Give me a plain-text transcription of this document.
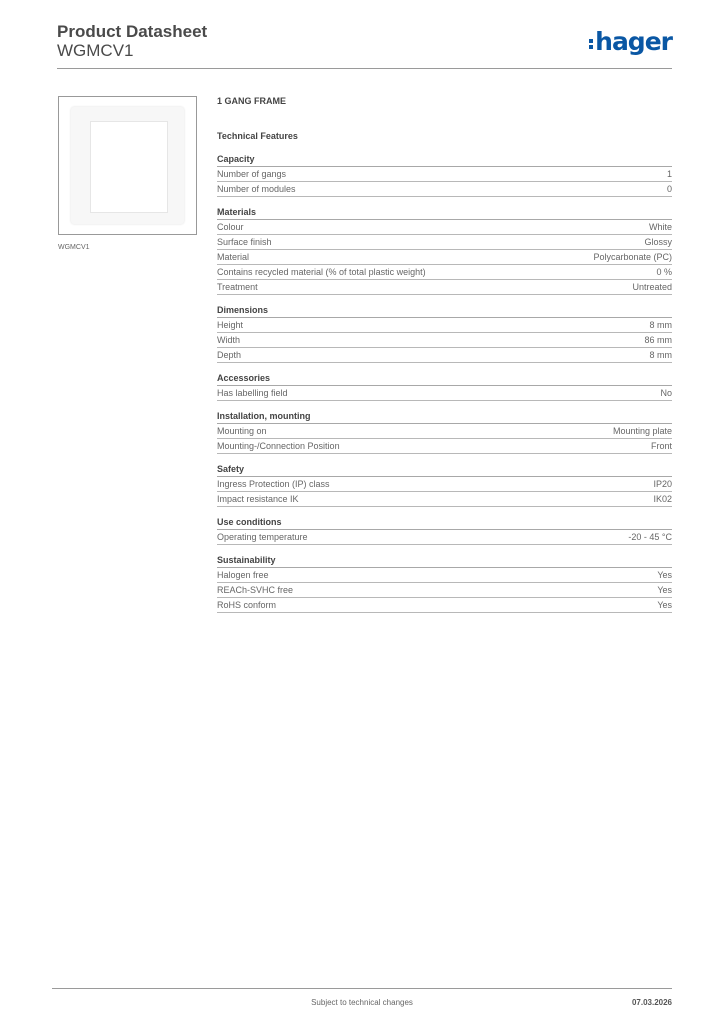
Product Datasheet
WGMCV1	hager
WGMCV1
1 GANG FRAME
Technical Features
Capacity
Number of gangs	1
Number of modules	0
Materials
Colour	White
Surface finish	Glossy
Material	Polycarbonate (PC)
Contains recycled material (% of total plastic weight)	0 %
Treatment	Untreated
Dimensions
Height	8 mm
Width	86 mm
Depth	8 mm
Accessories
Has labelling field	No
Installation, mounting
Mounting on	Mounting plate
Mounting-/Connection Position	Front
Safety
Ingress Protection (IP) class	IP20
Impact resistance IK	IK02
Use conditions
Operating temperature	-20 - 45 °C
Sustainability
Halogen free	Yes
REACh-SVHC free	Yes
RoHS conform	Yes
Subject to technical changes	07.03.2026
